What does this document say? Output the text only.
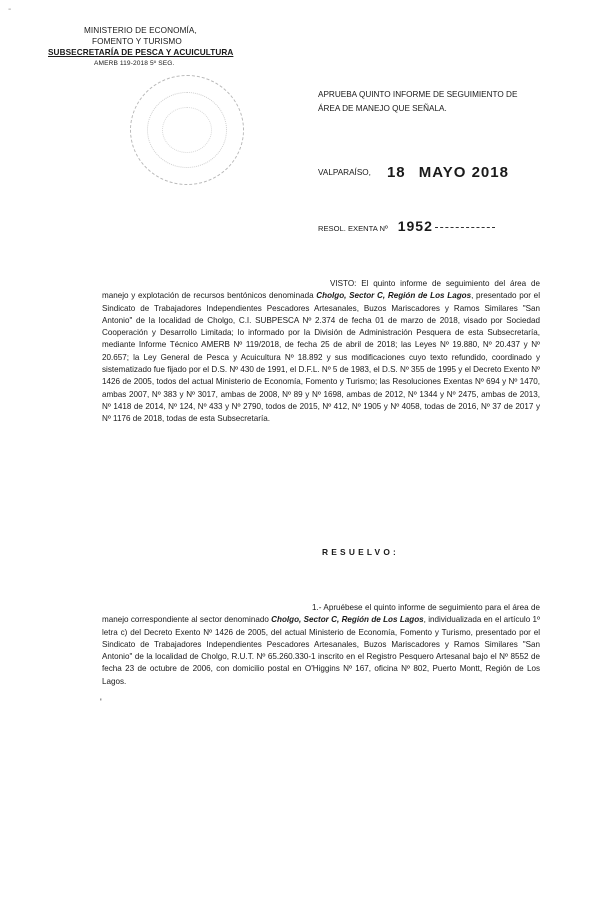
-
MINISTERIO DE ECONOMÍA,
FOMENTO Y TURISMO
SUBSECRETARÍA DE PESCA Y ACUICULTURA
AMERB 119-2018 5º SEG.
APRUEBA QUINTO INFORME DE SEGUIMIENTO DE
ÁREA DE MANEJO QUE SEÑALA.
VALPARAÍSO, 18 MAYO 2018
RESOL. EXENTA Nº 1952
VISTO: El quinto informe de seguimiento del área de manejo y explotación de recursos bentónicos denominada Cholgo, Sector C, Región de Los Lagos, presentado por el Sindicato de Trabajadores Independientes Pescadores Artesanales, Buzos Mariscadores y Ramos Similares "San Antonio" de la localidad de Cholgo, C.I. SUBPESCA Nº 2.374 de fecha 01 de marzo de 2018, visado por Sociedad Cooperación y Desarrollo Limitada; lo informado por la División de Administración Pesquera de esta Subsecretaría, mediante Informe Técnico AMERB Nº 119/2018, de fecha 25 de abril de 2018; las Leyes Nº 19.880, Nº 20.437 y Nº 20.657; la Ley General de Pesca y Acuicultura Nº 18.892 y sus modificaciones cuyo texto refundido, coordinado y sistematizado fue fijado por el D.S. Nº 430 de 1991, el D.F.L. Nº 5 de 1983, el D.S. Nº 355 de 1995 y el Decreto Exento Nº 1426 de 2005, todos del actual Ministerio de Economía, Fomento y Turismo; las Resoluciones Exentas Nº 694 y Nº 1470, ambas 2007, Nº 383 y Nº 3017, ambas de 2008, Nº 89 y Nº 1698, ambas de 2012, Nº 1344 y Nº 2475, ambas de 2013, Nº 1418 de 2014, Nº 124, Nº 433 y Nº 2790, todos de 2015, Nº 412, Nº 1905 y Nº 4058, todas de 2016, Nº 37 de 2017 y Nº 1176 de 2018, todas de esta Subsecretaría.
RESUELVO:
1.- Apruébese el quinto informe de seguimiento para el área de manejo correspondiente al sector denominado Cholgo, Sector C, Región de Los Lagos, individualizada en el artículo 1º letra c) del Decreto Exento Nº 1426 de 2005, del actual Ministerio de Economía, Fomento y Turismo, presentado por el Sindicato de Trabajadores Independientes Pescadores Artesanales, Buzos Mariscadores y Ramos Similares "San Antonio" de la localidad de Cholgo, R.U.T. Nº 65.260.330-1 inscrito en el Registro Pesquero Artesanal bajo el Nº 8552 de fecha 23 de octubre de 2006, con domicilio postal en O'Higgins Nº 167, oficina Nº 802, Puerto Montt, Región de Los Lagos.
'
